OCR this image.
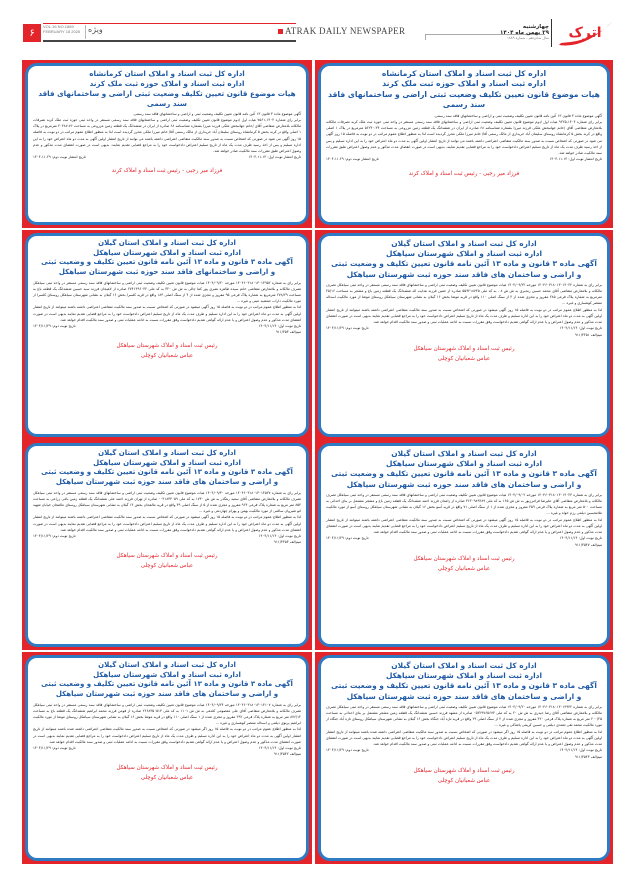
۶
VOL.16 NO.1889
FEBRUARY 18 2026 ویژه	ATRAK DAILY NEWSPAPER	چهارشنبه
۲۹ بهمن ماه ۱۴۰۴
سال شانزدهم - شماره ۱۸۸۹ اترک
اداره کل ثبت اسناد و املاک استان کرمانشاه
اداره ثبت اسناد و املاک حوزه ثبت ملک کرند
هیات موضوع قانون تعیین تکلیف وضعیت ثبتی اراضی و ساختمانهای فاقد سند رسمی

آگهی موضوع ماده ۳ قانون ۱۳ آئین نامه قانون تعیین تکلیف وضعیت ثبتی و اراضی و ساختمانهای فاقد سند رسمی.

برابر رای شماره ۱۴۰۴-۹۲۲۵ هیات اول /دوم موضوع قانون تعیین تکلیف وضعیت ثبتی اراضی و ساختمانهای فاقد سند رسمی مستقر در واحد ثبتی حوزه ثبت ملک کرند تصرفات مالکانه بلامعارض متقاضی آقای /خانم جهانبخش ملکی فرزند میرزا بشماره شناسنامه ۶۸ صادره از ایران در ششدانگ یک قطعه زمین مزروعی به مساحت ۵۶۲۴۰.۳۴ مترمربع در پلاک ۱ اصلی واقع در کرند بخش ۵ کرمانشاه روستای سلیمان آباد خریداری از مالک رسمی آقا/ خانم میرزا ملکی محرز گردیده است لذا به منظور اطلاع عموم مراتب در دو نوبت به فاصله ۱۵ روز آگهی می شود در صورتی که اشخاص نسبت به صدور سند مالکیت متقاضی اعتراضی داشته باشند می توانند از تاریخ انتشار اولین آگهی به مدت دو ماه اعتراض خود را به این اداره تسلیم و پس از اخذ رسید ظرف مدت یک ماه از تاریخ تسلیم اعتراض دادخواست خود را به مراجع قضایی تقدیم نمایند. بدیهی است در صورت انقضای مدت مذکور و عدم وصول اعتراض طبق مقررات سند مالکیت صادر خواهد شد.

تاریخ انتشار نوبت اول: ۱۴۰۴.۱۱.۱۴
تاریخ انتشار نوبت دوم: ۱۴۰۴.۱۱.۲۹
فرزاد میر رجبی - رئیس ثبت اسناد و املاک کرند
اداره کل ثبت اسناد و املاک استان کرمانشاه
اداره ثبت اسناد و املاک حوزه ثبت ملک کرند
هیات موضوع قانون تعیین تکلیف وضعیت ثبتی اراضی و ساختمانهای فاقد سند رسمی

آگهی موضوع ماده ۳ قانون ۱۳ آئین نامه قانون تعیین تکلیف وضعیت ثبتی و اراضی و ساختمانهای فاقد سند رسمی.

برابر رای شماره ۱۴۰۴-۷۵۶۱ هیات اول /دوم موضوع قانون تعیین تکلیف وضعیت ثبتی اراضی و ساختمانهای فاقد سند رسمی مستقر در واحد ثبتی حوزه ثبت ملک کرند تصرفات مالکانه بلامعارض متقاضی آقای /خانم جهانبخش ملکی فرزند میرزا بشماره شناسنامه ۶۸ صادره از ایران در ششدانگ یک قطعه زمین مزروعی به مساحت ۲۰۴۸۷.۷۶ مترمربع در پلاک ۱ اصلی واقع در کرند بخش ۵ کرمانشاه روستای سلیمان آباد خریداری از مالک رسمی آقا/ خانم میرزا ملکی محرز گردیده است لذا به منظور اطلاع عموم مراتب در دو نوبت به فاصله ۱۵ روز آگهی می شود در صورتی که اشخاص نسبت به صدور سند مالکیت متقاضی اعتراضی داشته باشند می توانند از تاریخ انتشار اولین آگهی به مدت دو ماه اعتراض خود را به این اداره تسلیم و پس از اخذ رسید ظرف مدت یک ماه از تاریخ تسلیم اعتراض دادخواست خود را به مراجع قضایی تقدیم نمایند. بدیهی است در صورت انقضای مدت مذکور و عدم وصول اعتراض طبق مقررات سند مالکیت صادر خواهد شد.

تاریخ انتشار نوبت اول: ۱۴۰۴.۱۱.۱۴
تاریخ انتشار نوبت دوم: ۱۴۰۴.۱۱.۲۹
فرزاد میر رجبی - رئیس ثبت اسناد و املاک کرند
اداره کل ثبت اسناد و املاک استان گیلان
اداره ثبت اسناد و املاک شهرستان سیاهکل
آگهی ماده ۳ قانون و ماده ۱۳ آئین نامه قانون تعیین تکلیف و وضعیت ثبتی
و اراضی و ساختمان های فاقد سند حوزه ثبت شهرستان سیاهکل

برابر رای به شماره ۱۴۰۴۶۰۳۱۸۰۱۳۰۱۴۰۲۲ مورخه ۱۴۰۴/۰۹/۲۲ هیات موضوع قانون تعیین تکلیف وضعیت ثبتی اراضی و ساختمانهای فاقد سند رسمی مستقر در واحد ثبتی سیاهکل تصرف مالکانه و بلامعارض متقاضی آقای محمد حسین رنجبری به ش ش ۸ - به کد ملی ۵۵۹۲۱۸۷۴۵ صادره از خمین فرزند هدایت اله ششدانگ یک قطعه زمین باغ و مشجر به مساحت ۴۵/۱۶ مترمربع به شماره پلاک فرعی ۲۸۵ مفروز و مجزی شده از ۴ از سنگ اصلی ۱۱۰ واقع در قریه موشا بخش ۱۶ گیلان به نشانی شهرستان سیاهکل روستای موشا از مورد مالکیت اسداله منتصر کوهساری و غیره ...

لذا به منظور اطلاع عموم مراتب در دو نوبت به فاصله ۱۵ روز آگهی میشود در صورتی که اشخاص نسبت به صدور سند مالکیت متقاضی اعتراضی داشته باشند میتوانند از تاریخ انتشار اولین آگهی به مدت دو ماه اعتراض خود را به این اداره تسلیم و ظرف مدت یک ماه از تاریخ تسلیم اعتراض دادخواست خود را به مراجع قضایی تقدیم نمایند بدیهی است در صورت انقضای مدت مذکور و عدم وصول اعتراض و یا عدم ارائه گواهی تقدیم دادخواست وفق مقررات نسبت به ادامه عملیات ثبتی و صدور سند مالکیت اقدام خواهد شد.

تاریخ نوبت اول: ۱۴۰۴/۱۱/۱۴
تاریخ نوبت دوم: ۱۴۰۴/۱۱/۲۹
م‍ی‍م‌ال‍ف ۹۱۱/۳۴۵۱
رئیس ثبت اسناد و املاک شهرستان سیاهکل
عباس شعبانیان کوچلی
اداره کل ثبت اسناد و املاک استان گیلان
اداره ثبت اسناد و املاک شهرستان سیاهکل
آگهی ماده ۳ قانون و ماده ۱۳ آئین نامه قانون تعیین تکلیف و وضعیت ثبتی
و اراضی و ساختمانهای فاقد سند حوزه ثبت شهرستان سیاهکل

برابر رای به شماره ۱۴۰۴۶۰۳۱۸۰۱۳۰۱۳۹۵۲ مورخه ۱۴۰۴/۰۹/۲۰ هیات موضوع قانون تعیین تکلیف وضعیت ثبتی اراضی و ساختمانهای فاقد سند رسمی مستقر در واحد ثبتی سیاهکل تصرف مالکانه و بلامعارض متقاضی خانم سیده طاهره نصری پور کما چالی به ش ش ۳۲۰ به کد ملی ۲۷۴۱۴۹۶۰۴۲ صادره از لاهیجان فرزند سید حسین ششدانگ یک قطعه باغ به مساحت ۲۷۸/۲۹ مترمربع به شماره پلاک فرعی ۹۵ مفروز و مجزی شده از ۴ از سنگ اصلی ۱۸۳ واقع در قریه کلسرا بخش ۱۶ گیلان به نشانی شهرستان سیاهکل روستای کلسرا از مورد مالکیت داراب جمشید عینی و غیره ...

لذا به منظور اطلاع عموم مراتب در دو نوبت به فاصله ۱۵ روز آگهی میشود در صورتی که اشخاص نسبت به صدور سند مالکیت متقاضی اعتراضی داشته باشند میتوانند از تاریخ انتشار اولین آگهی به مدت دو ماه اعتراض خود را به این اداره تسلیم و ظرف مدت یک ماه از تاریخ تسلیم اعتراض دادخواست خود را به مراجع قضایی تقدیم نمایند بدیهی است در صورت انقضای مدت مذکور و عدم وصول اعتراض و یا عدم ارائه گواهی تقدیم دادخواست وفق مقررات نسبت به ادامه عملیات ثبتی و صدور سند مالکیت اقدام خواهد شد.

تاریخ نوبت اول: ۱۴۰۴/۱۱/۱۴
تاریخ نوبت دوم: ۱۴۰۴/۱۱/۲۹
م‍ی‍م‌ال‍ف ۹۱۱/۳۵۳
رئیس ثبت اسناد و املاک شهرستان سیاهکل
عباس شعبانیان کوچلی
اداره کل ثبت اسناد و املاک استان گیلان
اداره ثبت اسناد و املاک شهرستان سیاهکل
آگهی ماده ۳ قانون و ماده ۱۳ آئین نامه قانون تعیین تکلیف و وضعیت ثبتی
و اراضی و ساختمان های فاقد سند حوزه ثبت شهرستان سیاهکل

برابر رای به شماره ۱۴۰۴۶۰۳۱۸۰۱۳۰۱۴۰۲۳ مورخه ۱۴۰۴/۰۹/۰۲ هیات موضوع قانون تعیین تکلیف وضعیت ثبتی اراضی و ساختمانهای فاقد سند رسمی مستقر در واحد ثبتی سیاهکل تصرف مالکانه و بلامعارض متقاضی آقای علیرضا فرامرزپور به ش ش ۱۶۵ به کد ملی ۳۶۲۰۹۸۹۳۸۹ صادره از زاهدان فرزند احمد ششدانگ یک قطعه زمین باغ و مشجر مشتمل بر بنای احداثی به مساحت ۵۰۰ متر مربع به شماره پلاک فرعی ۲۵۹ مفروز و مجزی شده از ۱ از سنگ اصلی ۷۱ واقع در قریه آسو بخش ۱۶ گیلان به نشانی شهرستان سیاهکل روستای آسو از مورد مالکیت غلامحسین دیلمی رزم خواه و غیره ...

لذا به منظور اطلاع عموم مراتب در دو نوبت به فاصله ۱۵ روز آگهی میشود در صورتی که اشخاص نسبت به صدور سند مالکیت متقاضی اعتراضی داشته باشند میتوانند از تاریخ انتشار اولین آگهی به مدت دو ماه اعتراض خود را به این اداره تسلیم و ظرف مدت یک ماه از تاریخ تسلیم اعتراض دادخواست خود را به مراجع قضایی تقدیم نمایند بدیهی است در صورت انقضای مدت مذکور و عدم وصول اعتراض و یا عدم ارائه گواهی تقدیم دادخواست وفق مقررات نسبت به ادامه عملیات ثبتی و صدور سند مالکیت اقدام خواهد شد.

تاریخ نوبت اول: ۱۴۰۴/۱۱/۱۴
تاریخ نوبت دوم: ۱۴۰۴/۱۱/۲۹
م‍ی‍م‌ال‍ف ۹۱۱/۳۵۴۷
رئیس ثبت اسناد و املاک شهرستان سیاهکل
عباس شعبانیان کوچلی
اداره کل ثبت اسناد و املاک استان گیلان
اداره ثبت اسناد و املاک شهرستان سیاهکل
آگهی ماده ۳ قانون و ماده ۱۳ آئین نامه قانون تعیین تکلیف و وضعیت ثبتی
و اراضی و ساختمان های فاقد سند حوزه ثبت شهرستان سیاهکل

برابر رای به شماره ۱۴۰۴۶۰۳۱۸۰۱۳۰۱۴۵۲۷ مورخه ۱۴۰۴/۰۹/۳۰ هیات موضوع قانون تعیین تکلیف وضعیت ثبتی اراضی و ساختمانهای فاقد سند رسمی مستقر در واحد ثبتی سیاهکل تصرف مالکانه و بلامعارض متقاضی آقای سعید رهگذر به ش ش ۱۷۳۰ به کد ملی ۰۰۴۱۸۳۴۰۵۹ صادره از تهران فرزند احمد علی ششدانگ یک قطعه زمین باغی زراعی به مساحت ۸۵۴ متر مربع به شماره پلاک فرعی ۹۶۴ مفروز و مجزی شده از ۵ از سنگ اصلی ۴۹ واقع در قریه مالفجان بخش ۱۴ گیلان به نشانی شهرستان سیاهکل روستای مالفجان خیابان شهید اتو شیروان سالمی از مورد مالکیت بهمن و بهرام چهاردهی و غیره ...

لذا به منظور اطلاع عموم مراتب در دو نوبت به فاصله ۱۵ روز آگهی میشود در صورتی که اشخاص نسبت به صدور سند مالکیت متقاضی اعتراضی داشته باشند میتوانند از تاریخ انتشار اولین آگهی به مدت دو ماه اعتراض خود را به این اداره تسلیم و ظرف مدت یک ماه از تاریخ تسلیم اعتراض دادخواست خود را به مراجع قضایی تقدیم نمایند بدیهی است در صورت انقضای مدت مذکور و عدم وصول اعتراض و یا عدم ارائه گواهی تقدیم دادخواست وفق مقررات نسبت به ادامه عملیات ثبتی و صدور سند مالکیت اقدام خواهد شد.

تاریخ نوبت اول: ۱۴۰۴/۱۱/۱۴
تاریخ نوبت دوم: ۱۴۰۴/۱۱/۲۹
م‍ی‍م‌ال‍ف ۹۱۱/۳۴۵۳
رئیس ثبت اسناد و املاک شهرستان سیاهکل
عباس شعبانیان کوچلی
اداره کل ثبت اسناد و املاک استان گیلان
اداره ثبت اسناد و املاک شهرستان سیاهکل
آگهی ماده ۳ قانون و ماده ۱۳ آئین نامه قانون تعیین تکلیف و وضعیت ثبتی
و اراضی و ساختمان های فاقد سند حوزه ثبت شهرستان سیاهکل

برابر رای به شماره ۱۴۰۴۶۰۳۱۸۰۱۳۰۱۳۹۴۲ مورخه ۱۴۰۴/۰۹/۲۰ هیات موضوع قانون تعیین تکلیف وضعیت ثبتی اراضی و ساختمانهای فاقد سند رسمی مستقر در واحد ثبتی سیاهکل تصرف مالکانه و بلامعارض متقاضی آقای رضا حیدری به ش ش ۲۰ به کد ملی ۰۵۲۲۹۷۶۵۶۷۴ صادره از مشهد فرزند حسین ششدانگ یک قطعه زمین مشجر مشتمل بر بنای احداثی به مساحت ۲۰۰/۲۵ متر مربع به شماره پلاک فرعی ۴۲۰ مفروز و مجزی شده از ۲ از سنگ اصلی ۲۹ واقع در قریه تازه آباد جنگاه بخش ۱۶ گیلان به نشانی شهرستان سیاهکل روستای تازه آباد جنگاه از مورد مالکیت محمد تقی تعمدی دیلمی و حسین کریمی پاشاکی و غیره ...

لذا به منظور اطلاع عموم مراتب در دو نوبت به فاصله ۱۵ روز اگر میشود در صورتی که اشخاص نسبت به صدور سند مالکیت متقاضی اعتراضی داشته شده باشند میتوانند از تاریخ انتشار اولین آگهی به مدت دو ماه اعتراض خود را به این اداره تسلیم و ظرف مدت یک ماه از تاریخ تسلیم اعتراض دادخواست خود را به مراجع قضایی تقدیم نمایند بدیهی است در صورت انقضای مدت مذکور و عدم وصول اعتراض و یا عدم ارائه گواهی تقدیم دادخواست وفق مقررات نسبت به ادامه عملیات ثبتی و صدور سند مالکیت اقدام خواهد شد.

تاریخ نوبت اول: ۱۴۰۴/۱۱/۱۴
تاریخ نوبت دوم: ۱۴۰۴/۱۱/۲۹
م‍ی‍م‌ال‍ف ۹۱۱/۳۵۴۳
رئیس ثبت اسناد و املاک شهرستان سیاهکل
عباس شعبانیان کوچلی
اداره کل ثبت اسناد و املاک استان گیلان
اداره ثبت اسناد و املاک شهرستان سیاهکل
آگهی ماده ۳ قانون و ماده ۱۳ آئین نامه قانون تعیین تکلیف و وضعیت ثبتی
و اراضی و ساختمان های فاقد سند حوزه ثبت شهرستان سیاهکل

برابر رای به شماره ۱۴۰۴۶۰۳۱۸۰۱۳۰۱۴۱۰۷ مورخه ۱۴۰۴/۰۹/۲۴ هیات موضوع قانون تعیین تکلیف وضعیت ثبتی اراضی و ساختمانهای فاقد سند رسمی مستقر در واحد ثبتی سیاهکل تصرف مالکانه و بلامعارض متقاضی آقای علی معصومی کلدهی به ش ش ۱۱۰۱ به کد ملی ۲۶۶۸۳۵۰۵۱۴ صادره از فومن فرزند محمد ابراهیم ششدانگ یک قطعه باغ به مساحت ۸۷۶/۱۴ متر مربع به شماره پلاک فرعی ۲۹۲ مفروز و مجزی شده از ۱ سنگ اصلی ۱۱۰ واقع در قریه موشا بخش ۱۶ گیلان به نشانی شهرستان سیاهکل روستای موشا از مورد مالکیت ابراهیم پرتوی دیلمی و اسداله منتصر کوهساری و غیره ...

لذا به منظور اطلاع عموم مراتب در دو نوبت به فاصله ۱۵ روز اگر میشود در صورتی که اشخاص نسبت به صدور سند مالکیت متقاضی اعتراضی داشته شده باشند میتوانند از تاریخ انتشار اولین آگهی به مدت دو ماه اعتراض خود را به این اداره تسلیم و ظرف مدت یک ماه از تاریخ تسلیم اعتراض دادخواست خود را به مراجع قضایی تقدیم نمایند بدیهی است در صورت انقضای مدت مذکور و عدم وصول اعتراض و یا عدم ارائه گواهی تقدیم دادخواست وفق مقررات نسبت به ادامه عملیات ثبتی و صدور سند مالکیت اقدام خواهد شد.

تاریخ نوبت اول: ۱۴۰۴/۱۱/۱۴
تاریخ نوبت دوم: ۱۴۰۴/۱۱/۲۹
م‍ی‍م‌ال‍ف ۹۱۱/۳۵۴۲
رئیس ثبت اسناد و املاک شهرستان سیاهکل
عباس شعبانیان کوچلی
